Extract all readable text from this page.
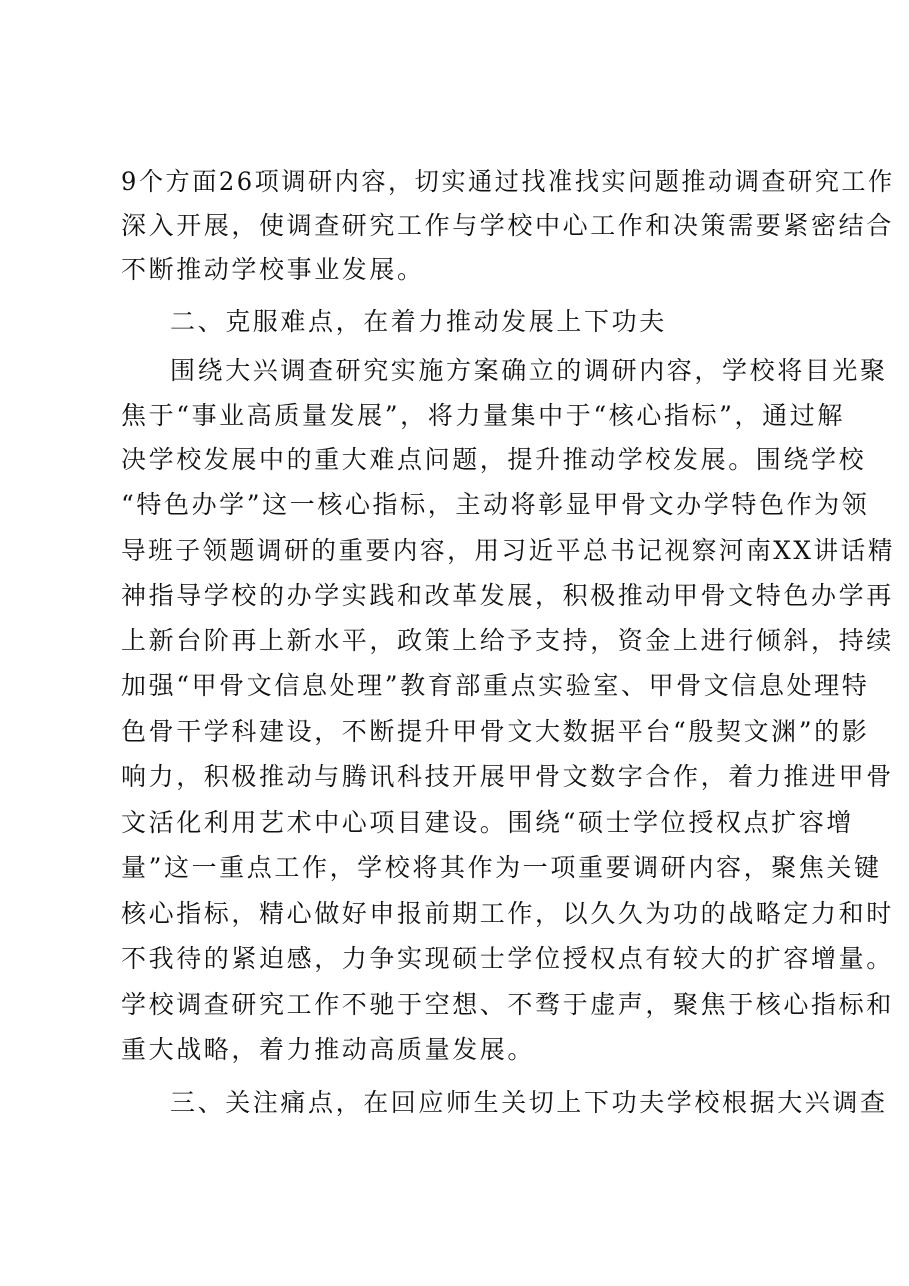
9个方面26项调研内容，切实通过找准找实问题推动调查研究工作
深入开展，使调查研究工作与学校中心工作和决策需要紧密结合
不断推动学校事业发展。
二、克服难点，在着力推动发展上下功夫
围绕大兴调查研究实施方案确立的调研内容，学校将目光聚
焦于“事业高质量发展”，将力量集中于“核心指标”，通过解
决学校发展中的重大难点问题，提升推动学校发展。围绕学校
“特色办学”这一核心指标，主动将彰显甲骨文办学特色作为领
导班子领题调研的重要内容，用习近平总书记视察河南XX讲话精
神指导学校的办学实践和改革发展，积极推动甲骨文特色办学再
上新台阶再上新水平，政策上给予支持，资金上进行倾斜，持续
加强“甲骨文信息处理”教育部重点实验室、甲骨文信息处理特
色骨干学科建设，不断提升甲骨文大数据平台“殷契文渊”的影
响力，积极推动与腾讯科技开展甲骨文数字合作，着力推进甲骨
文活化利用艺术中心项目建设。围绕“硕士学位授权点扩容增
量”这一重点工作，学校将其作为一项重要调研内容，聚焦关键
核心指标，精心做好申报前期工作，以久久为功的战略定力和时
不我待的紧迫感，力争实现硕士学位授权点有较大的扩容增量。
学校调查研究工作不驰于空想、不骛于虚声，聚焦于核心指标和
重大战略，着力推动高质量发展。
三、关注痛点，在回应师生关切上下功夫学校根据大兴调查
